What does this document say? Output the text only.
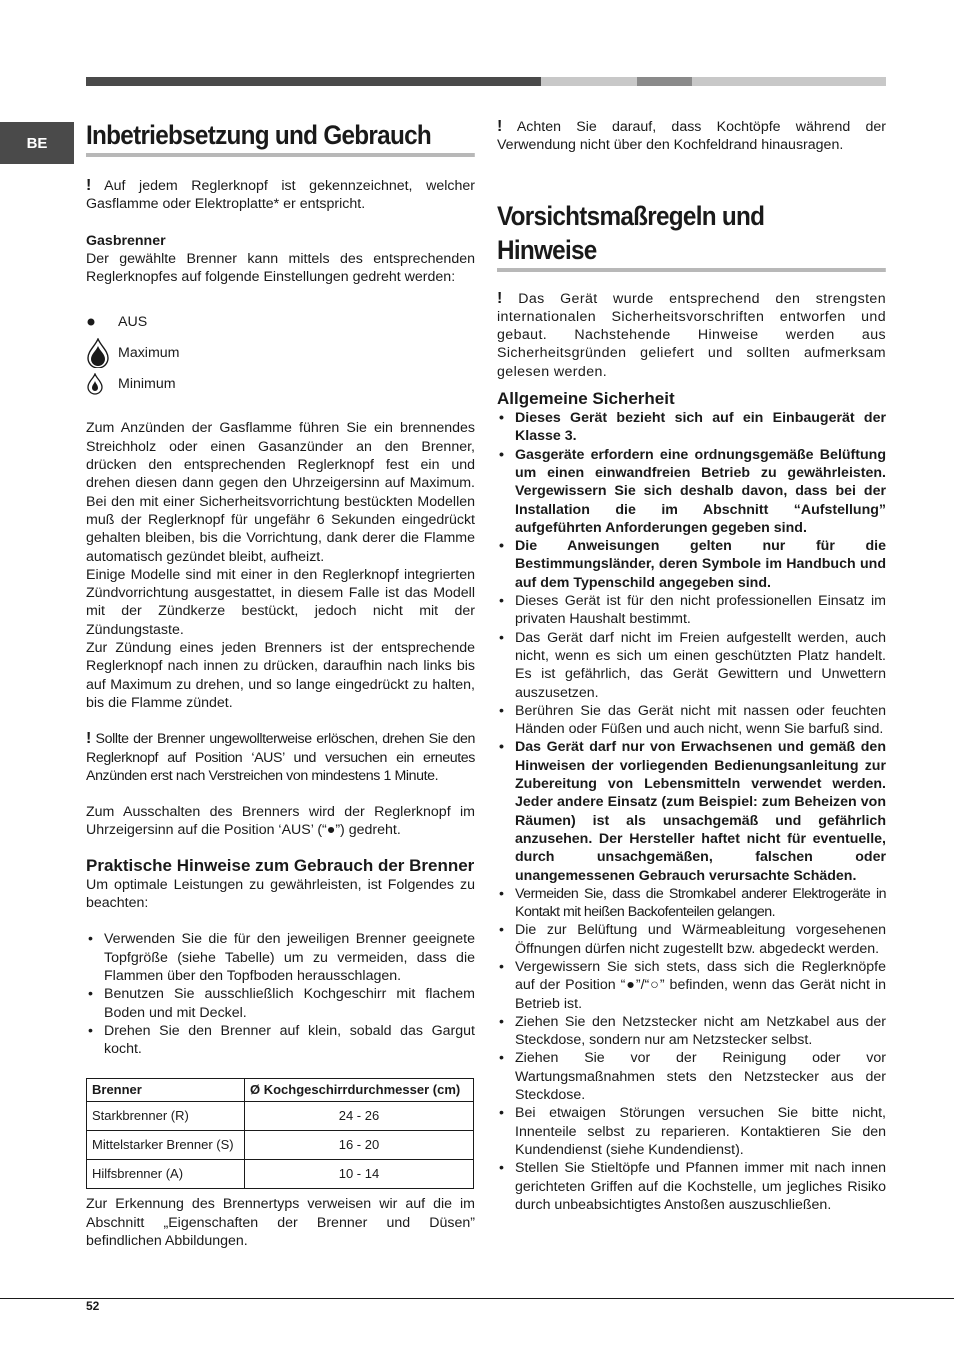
BE	Inbetriebsetzung und Gebrauch

! Auf jedem Reglerknopf ist gekennzeichnet, welcher Gasflamme oder Elektroplatte* er entspricht.

Gasbrenner

Der gewählte Brenner kann mittels des entsprechenden Reglerknopfes auf folgende Einstellungen gedreht werden:

AUS
Maximum
Minimum

Zum Anzünden der Gasflamme führen Sie ein brennendes Streichholz oder einen Gasanzünder an den Brenner, drücken den entsprechenden Reglerknopf fest ein und drehen diesen dann gegen den Uhrzeigersinn auf Maximum. Bei den mit einer Sicherheitsvorrichtung bestückten Modellen muß der Reglerknopf für ungefähr 6 Sekunden eingedrückt gehalten bleiben, bis die Vorrichtung, dank derer die Flamme automatisch gezündet bleibt, aufheizt.

Einige Modelle sind mit einer in den Reglerknopf integrierten Zündvorrichtung ausgestattet, in diesem Falle ist das Modell mit der Zündkerze bestückt, jedoch nicht mit der Zündungstaste.

Zur Zündung eines jeden Brenners ist der entsprechende Reglerknopf nach innen zu drücken, daraufhin nach links bis auf Maximum zu drehen, und so lange eingedrückt zu halten, bis die Flamme zündet.

! Sollte der Brenner ungewollterweise erlöschen, drehen Sie den Reglerknopf auf Position ‘AUS’ und versuchen ein erneutes Anzünden erst nach Verstreichen von mindestens 1 Minute.

Zum Ausschalten des Brenners wird der Reglerknopf im Uhrzeigersinn auf die Position ‘AUS’ (“●”) gedreht.

Praktische Hinweise zum Gebrauch der Brenner

Um optimale Leistungen zu gewährleisten, ist Folgendes zu beachten:

• Verwenden Sie die für den jeweiligen Brenner geeignete Topfgröße (siehe Tabelle) um zu vermeiden, dass die Flammen über den Topfboden herausschlagen.
• Benutzen Sie ausschließlich Kochgeschirr mit flachem Boden und mit Deckel.
• Drehen Sie den Brenner auf klein, sobald das Gargut kocht.
Brenner	Ø Kochgeschirrdurchmesser (cm)
Starkbrenner (R)	24 - 26
Mittelstarker Brenner (S)	16 - 20
Hilfsbrenner (A)	10 - 14

Zur Erkennung des Brennertyps verweisen wir auf die im Abschnitt „Eigenschaften der Brenner und Düsen” befindlichen Abbildungen.

! Achten Sie darauf, dass Kochtöpfe während der Verwendung nicht über den Kochfeldrand hinausragen.

Vorsichtsmaßregeln und
Hinweise

! Das Gerät wurde entsprechend den strengsten internationalen Sicherheitsvorschriften entworfen und gebaut. Nachstehende Hinweise werden aus Sicherheitsgründen geliefert und sollten aufmerksam gelesen werden.

Allgemeine Sicherheit
• Dieses Gerät bezieht sich auf ein Einbaugerät der Klasse 3.
• Gasgeräte erfordern eine ordnungsgemäße Belüftung um einen einwandfreien Betrieb zu gewährleisten. Vergewissern Sie sich deshalb davon, dass bei der Installation die im Abschnitt “Aufstellung” aufgeführten Anforderungen gegeben sind.
• Die Anweisungen gelten nur für die Bestimmungsländer, deren Symbole im Handbuch und auf dem Typenschild angegeben sind.
• Dieses Gerät ist für den nicht professionellen Einsatz im privaten Haushalt bestimmt.
• Das Gerät darf nicht im Freien aufgestellt werden, auch nicht, wenn es sich um einen geschützten Platz handelt. Es ist gefährlich, das Gerät Gewittern und Unwettern auszusetzen.
• Berühren Sie das Gerät nicht mit nassen oder feuchten Händen oder Füßen und auch nicht, wenn Sie barfuß sind.
• Das Gerät darf nur von Erwachsenen und gemäß den Hinweisen der vorliegenden Bedienungsanleitung zur Zubereitung von Lebensmitteln verwendet werden. Jeder andere Einsatz (zum Beispiel: zum Beheizen von Räumen) ist als unsachgemäß und gefährlich anzusehen. Der Hersteller haftet nicht für eventuelle, durch unsachgemäßen, falschen oder unangemessenen Gebrauch verursachte Schäden.
• Vermeiden Sie, dass die Stromkabel anderer Elektrogeräte in Kontakt mit heißen Backofenteilen gelangen.
• Die zur Belüftung und Wärmeableitung vorgesehenen Öffnungen dürfen nicht zugestellt bzw. abgedeckt werden.
• Vergewissern Sie sich stets, dass sich die Reglerknöpfe auf der Position “●”/“○” befinden, wenn das Gerät nicht in Betrieb ist.
• Ziehen Sie den Netzstecker nicht am Netzkabel aus der Steckdose, sondern nur am Netzstecker selbst.
• Ziehen Sie vor der Reinigung oder vor Wartungsmaßnahmen stets den Netzstecker aus der Steckdose.
• Bei etwaigen Störungen versuchen Sie bitte nicht, Innenteile selbst zu reparieren. Kontaktieren Sie den Kundendienst (siehe Kundendienst).
• Stellen Sie Stieltöpfe und Pfannen immer mit nach innen gerichteten Griffen auf die Kochstelle, um jegliches Risiko durch unbeabsichtigtes Anstoßen auszuschließen.
52
